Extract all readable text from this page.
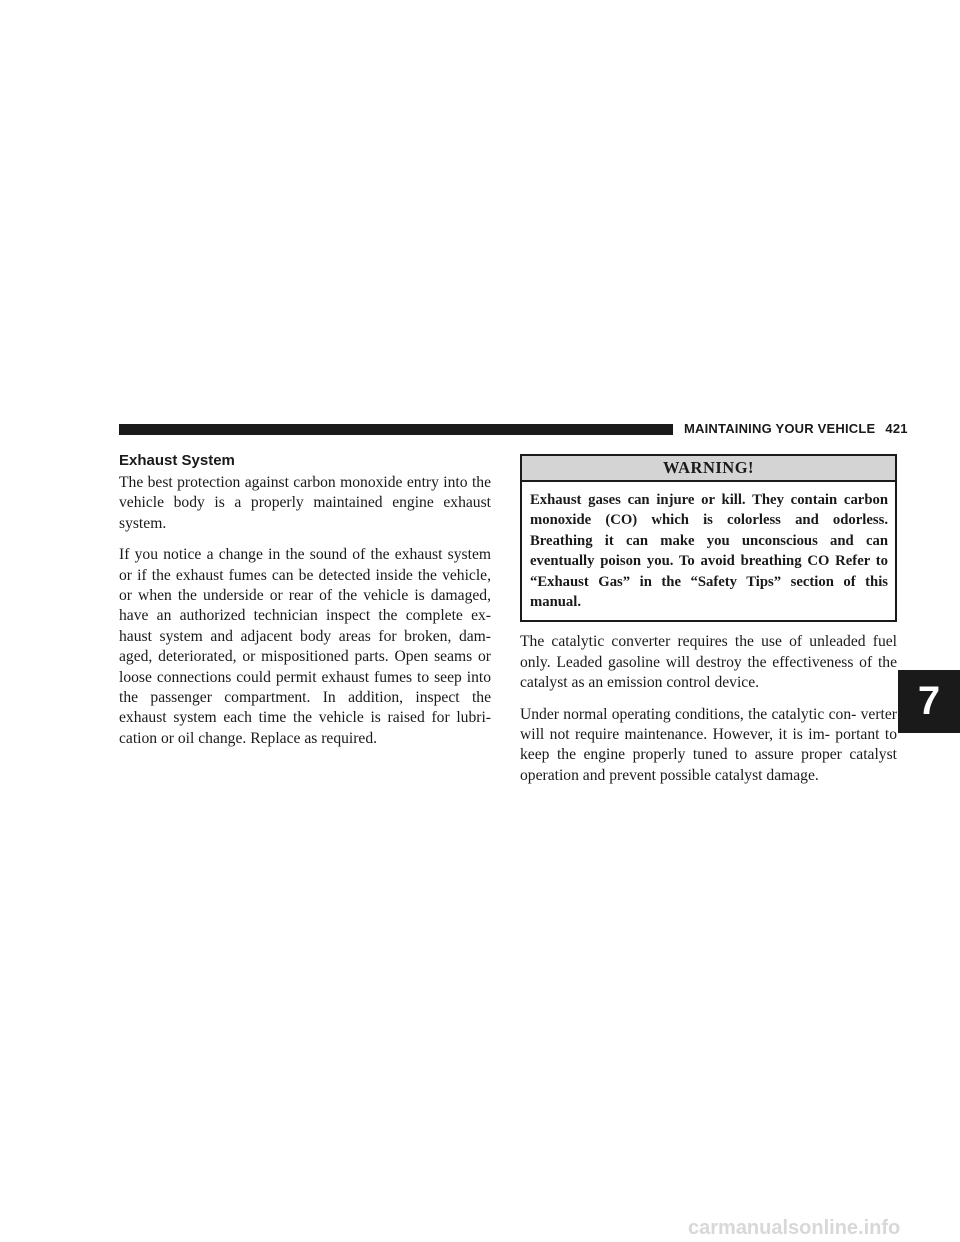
MAINTAINING YOUR VEHICLE 421
Exhaust System

The best protection against carbon monoxide entry into the vehicle body is a properly maintained engine exhaust system.

If you notice a change in the sound of the exhaust system or if the exhaust fumes can be detected inside the vehicle, or when the underside or rear of the vehicle is damaged, have an authorized technician inspect the complete ex- haust system and adjacent body areas for broken, dam- aged, deteriorated, or mispositioned parts. Open seams or loose connections could permit exhaust fumes to seep into the passenger compartment. In addition, inspect the exhaust system each time the vehicle is raised for lubri- cation or oil change. Replace as required.

WARNING!
Exhaust gases can injure or kill. They contain carbon monoxide (CO) which is colorless and odorless. Breathing it can make you unconscious and can eventually poison you. To avoid breathing CO Refer to “Exhaust Gas” in the “Safety Tips” section of this manual.

The catalytic converter requires the use of unleaded fuel only. Leaded gasoline will destroy the effectiveness of the catalyst as an emission control device.

Under normal operating conditions, the catalytic con- verter will not require maintenance. However, it is im- portant to keep the engine properly tuned to assure proper catalyst operation and prevent possible catalyst damage.

7
carmanualsonline.info
